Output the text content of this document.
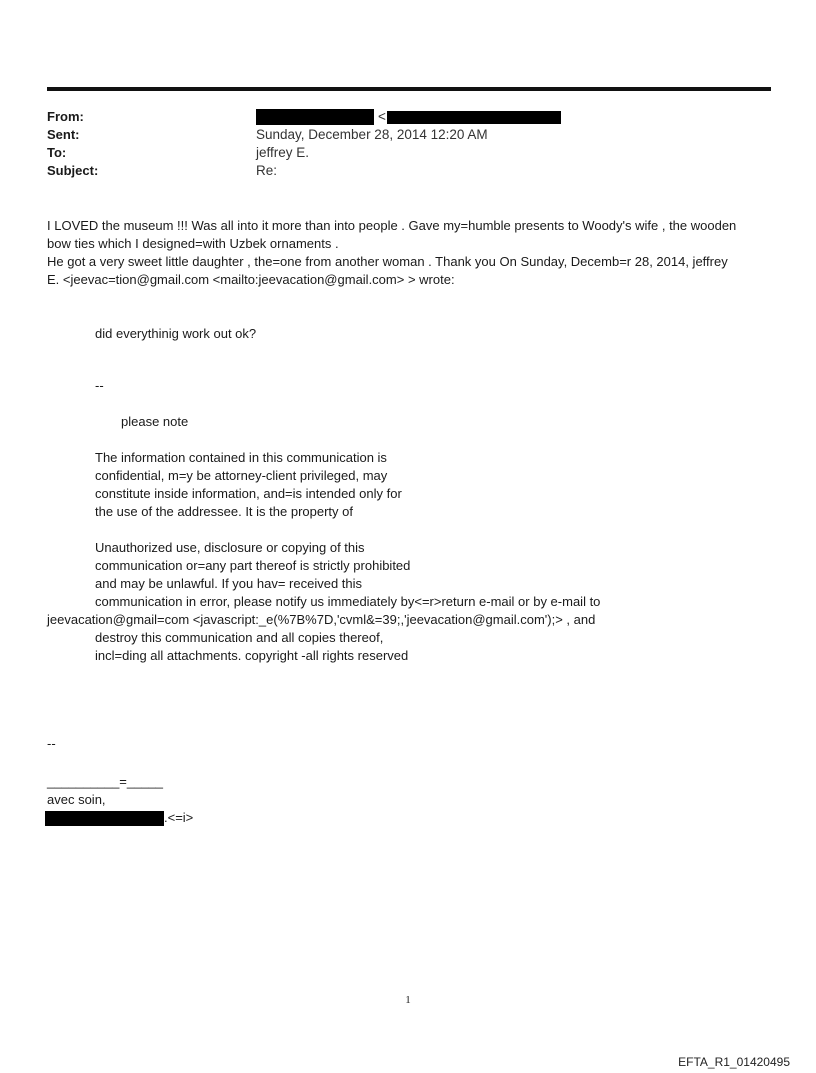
From:	<
Sent:	Sunday, December 28, 2014 12:20 AM
To:	jeffrey E.
Subject:	Re:
I LOVED the museum !!! Was all into it more than into people . Gave my=humble presents to Woody's wife , the wooden
bow ties which I designed=with Uzbek ornaments .
He got a very sweet little daughter , the=one from another woman . Thank you On Sunday, Decemb=r 28, 2014, jeffrey
E. <jeevac=tion@gmail.com <mailto:jeevacation@gmail.com> > wrote:
did everythinig work out ok?
--
please note
The information contained in this communication is
confidential, m=y be attorney-client privileged, may
constitute inside information, and=is intended only for
the use of the addressee. It is the property of
Unauthorized use, disclosure or copying of this
communication or=any part thereof is strictly prohibited
and may be unlawful. If you hav= received this
communication in error, please notify us immediately by<=r>return e-mail or by e-mail to
jeevacation@gmail=com <javascript:_e(%7B%7D,'cvml&=39;,'jeevacation@gmail.com');> , and
destroy this communication and all copies thereof,
incl=ding all attachments. copyright -all rights reserved
--
__________=_____
avec soin,
.<=i>
1
EFTA_R1_01420495
